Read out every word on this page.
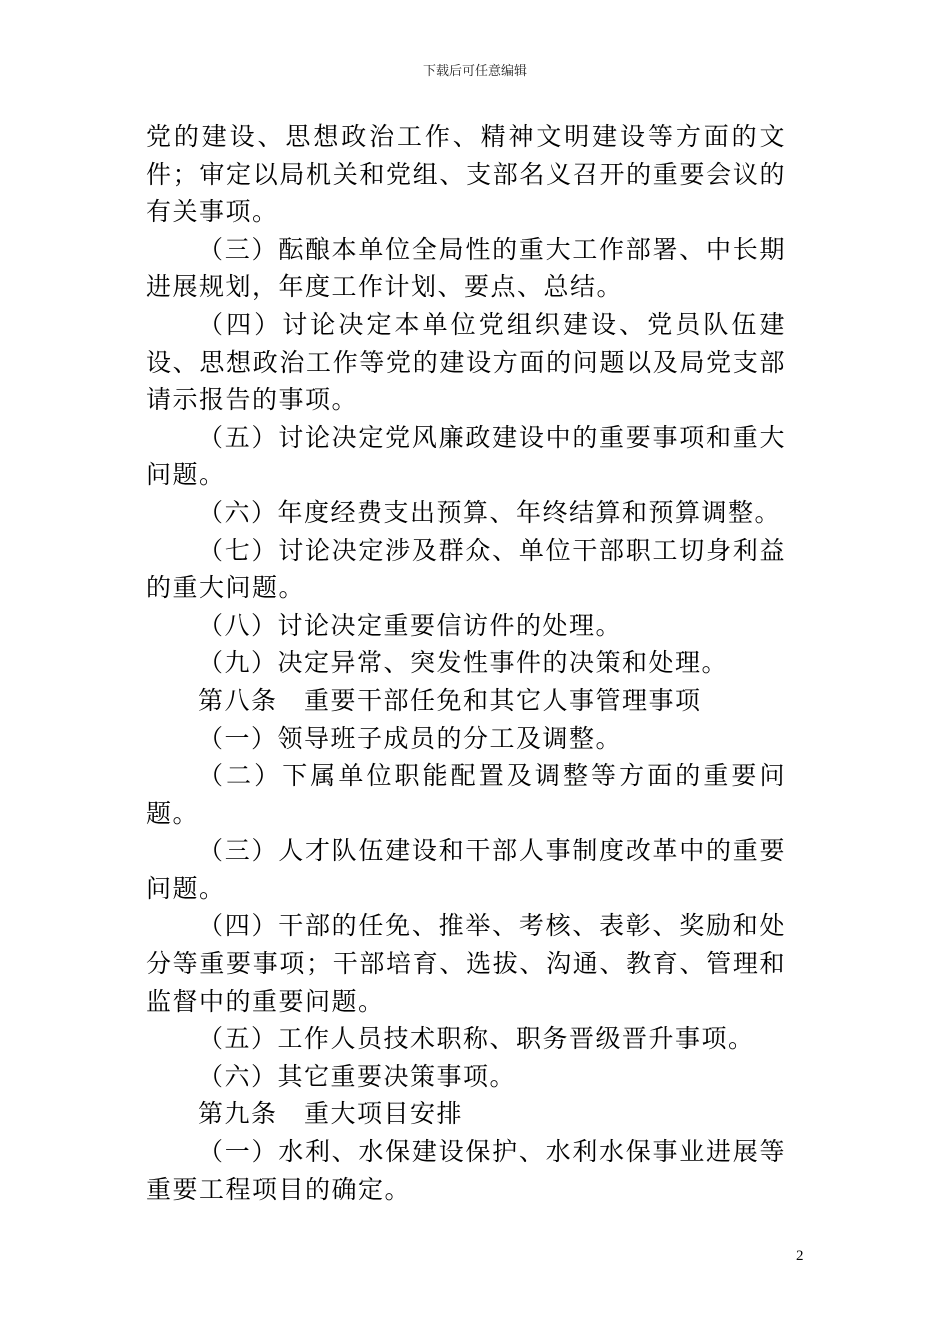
下载后可任意编辑

党的建设、思想政治工作、精神文明建设等方面的文件；审定以局机关和党组、支部名义召开的重要会议的有关事项。

（三）酝酿本单位全局性的重大工作部署、中长期进展规划，年度工作计划、要点、总结。

（四）讨论决定本单位党组织建设、党员队伍建设、思想政治工作等党的建设方面的问题以及局党支部请示报告的事项。

（五）讨论决定党风廉政建设中的重要事项和重大问题。

（六）年度经费支出预算、年终结算和预算调整。

（七）讨论决定涉及群众、单位干部职工切身利益的重大问题。

（八）讨论决定重要信访件的处理。

（九）决定异常、突发性事件的决策和处理。

第八条　重要干部任免和其它人事管理事项

（一）领导班子成员的分工及调整。

（二）下属单位职能配置及调整等方面的重要问题。

（三）人才队伍建设和干部人事制度改革中的重要问题。

（四）干部的任免、推举、考核、表彰、奖励和处分等重要事项；干部培育、选拔、沟通、教育、管理和监督中的重要问题。

（五）工作人员技术职称、职务晋级晋升事项。

（六）其它重要决策事项。

第九条　重大项目安排

（一）水利、水保建设保护、水利水保事业进展等重要工程项目的确定。

2
